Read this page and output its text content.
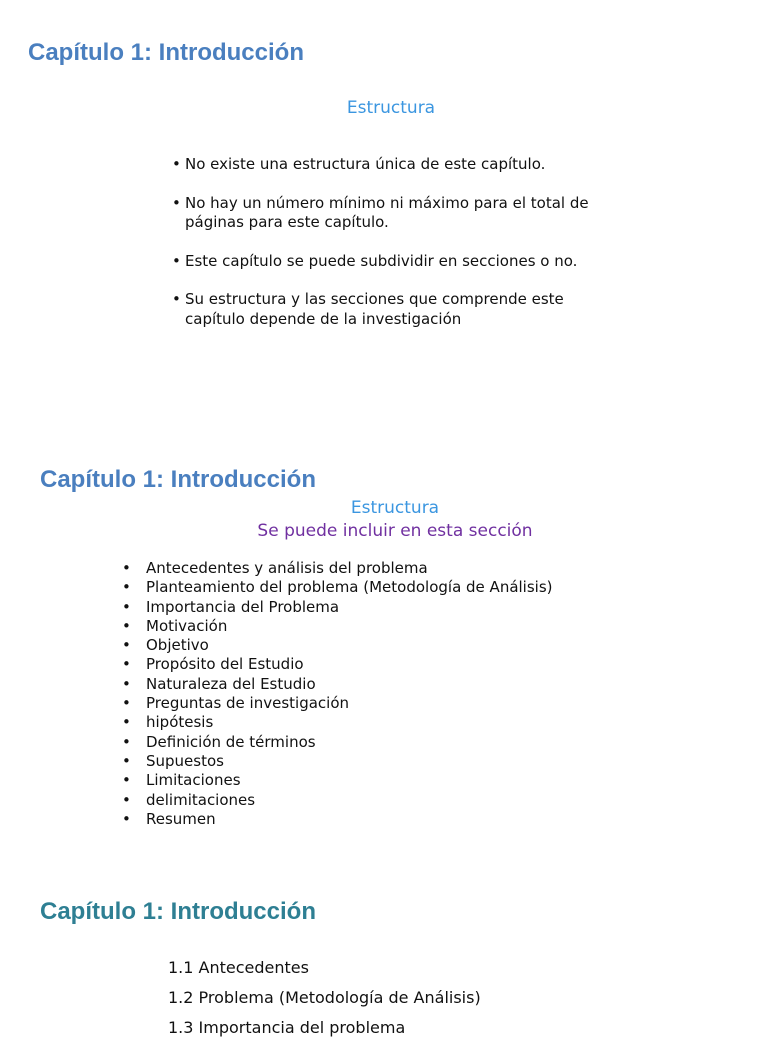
Capítulo 1: Introducción

Estructura

• No existe una estructura única de este capítulo.
• No hay un número mínimo ni máximo para el total de páginas para este capítulo.
• Este capítulo se puede subdividir en secciones o no.
• Su estructura y las secciones que comprende este capítulo depende de la investigación
Capítulo 1: Introducción

Estructura

Se puede incluir en esta sección

• Antecedentes y análisis del problema
• Planteamiento del problema (Metodología de Análisis)
• Importancia del Problema
• Motivación
• Objetivo
• Propósito del Estudio
• Naturaleza del Estudio
• Preguntas de investigación
• hipótesis
• Definición de términos
• Supuestos
• Limitaciones
• delimitaciones
• Resumen
Capítulo 1: Introducción
1.1 Antecedentes
1.2 Problema (Metodología de Análisis)
1.3 Importancia del problema
